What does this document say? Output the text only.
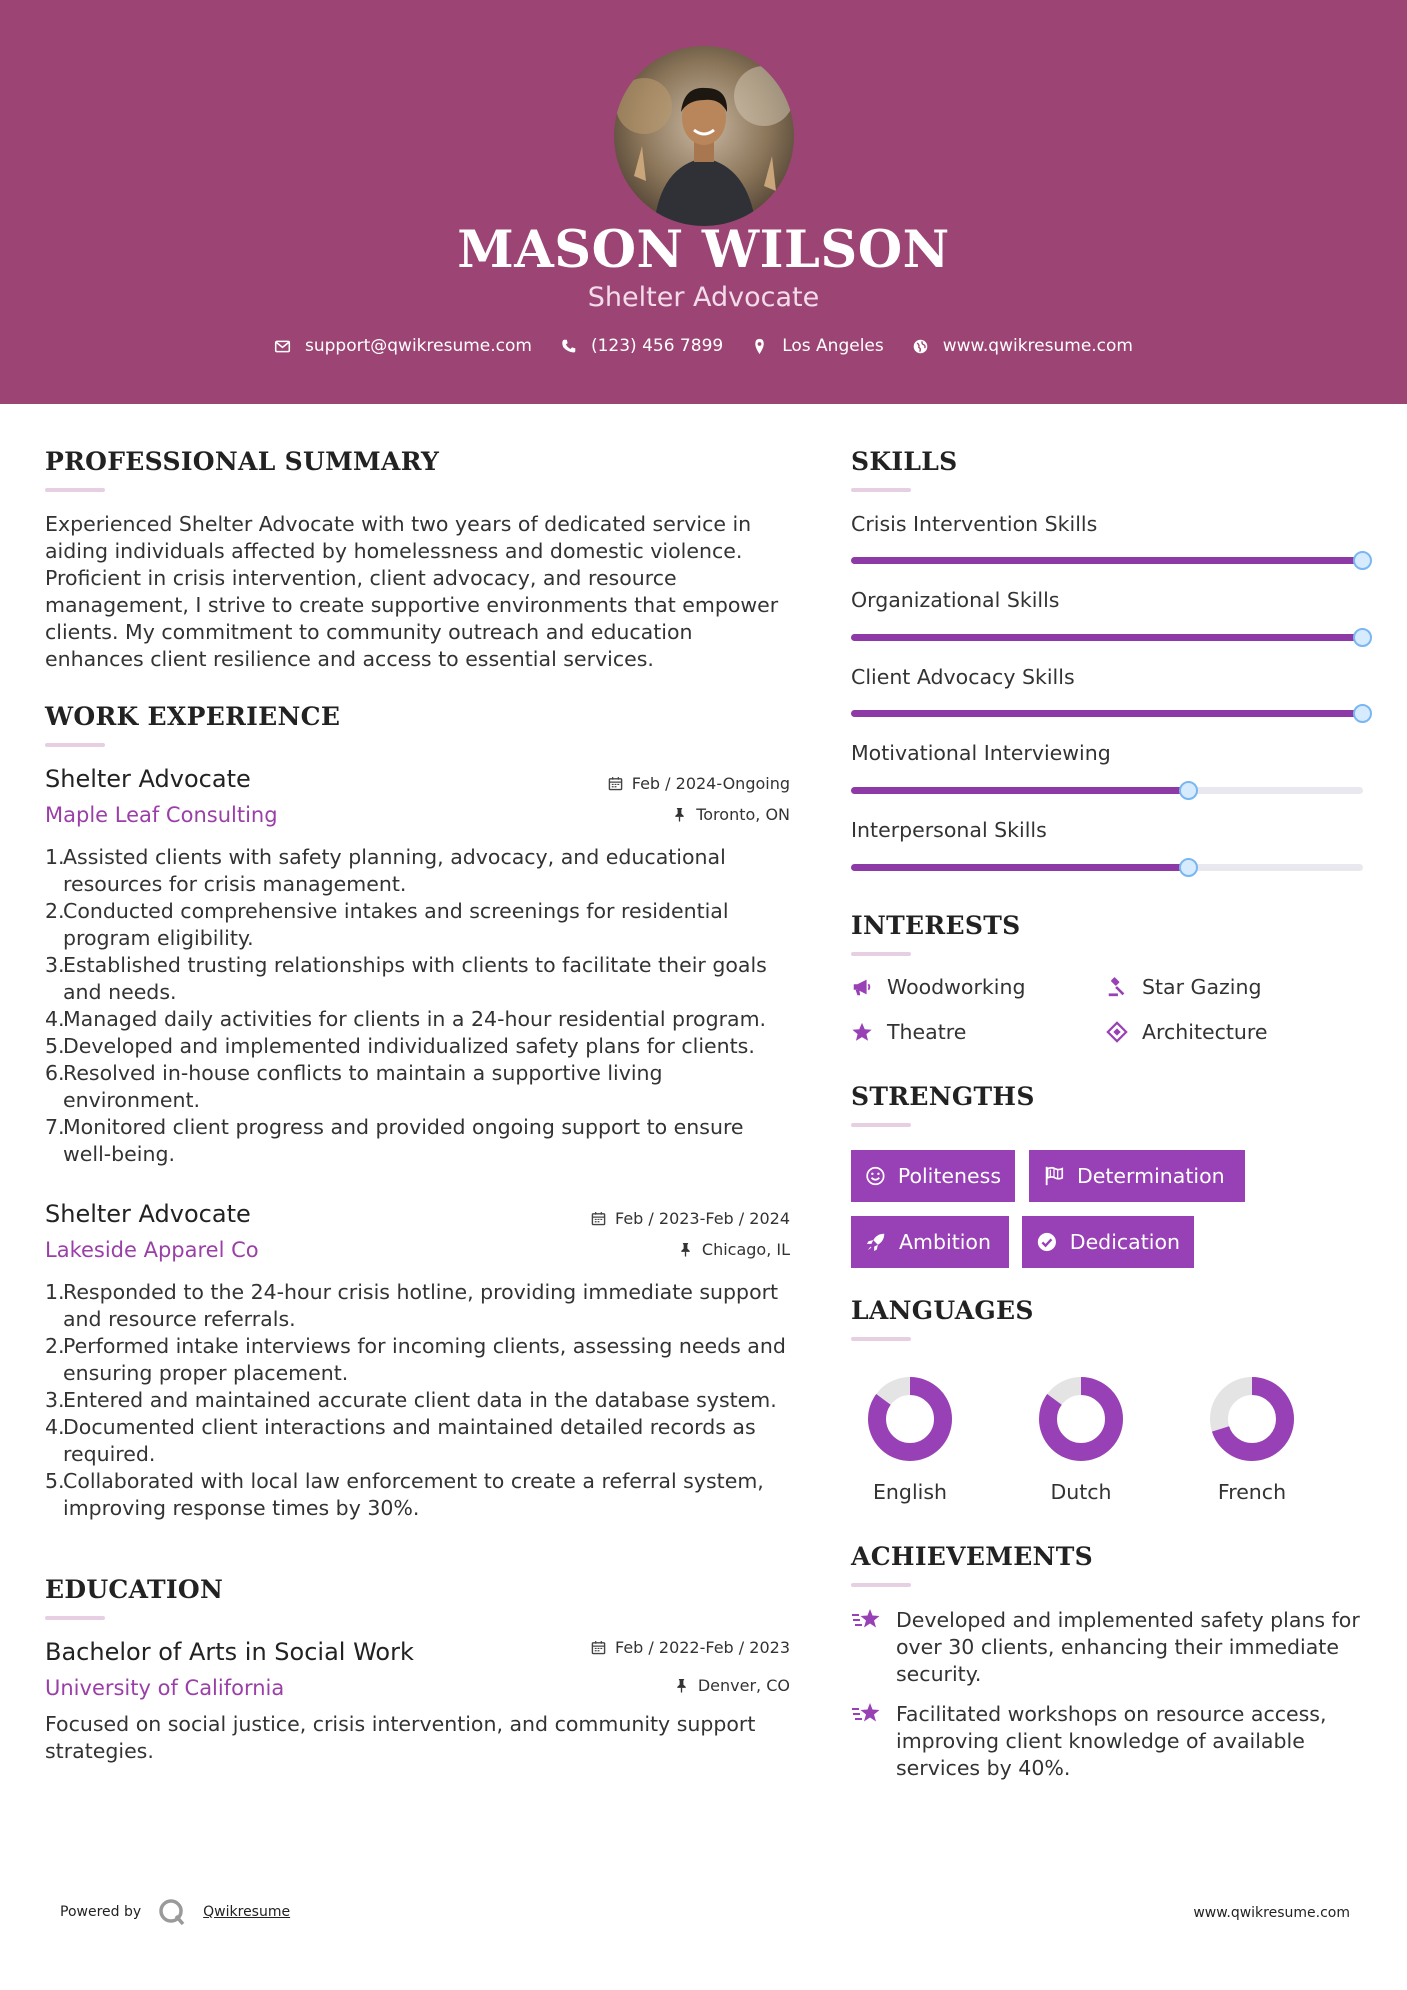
MASON WILSON
Shelter Advocate
support@qwikresume.com	(123) 456 7899	Los Angeles	www.qwikresume.com
PROFESSIONAL SUMMARY
Experienced Shelter Advocate with two years of dedicated service in aiding individuals affected by homelessness and domestic violence. Proficient in crisis intervention, client advocacy, and resource management, I strive to create supportive environments that empower clients. My commitment to community outreach and education enhances client resilience and access to essential services.
WORK EXPERIENCE
Shelter Advocate
Maple Leaf Consulting
Feb / 2024-Ongoing
Toronto, ON
1.
Assisted clients with safety planning, advocacy, and educational resources for crisis management.
2.
Conducted comprehensive intakes and screenings for residential program eligibility.
3.
Established trusting relationships with clients to facilitate their goals and needs.
4.
Managed daily activities for clients in a 24-hour residential program.
5.
Developed and implemented individualized safety plans for clients.
6.
Resolved in-house conflicts to maintain a supportive living environment.
7.
Monitored client progress and provided ongoing support to ensure well-being.
Shelter Advocate
Lakeside Apparel Co
Feb / 2023-Feb / 2024
Chicago, IL
1.
Responded to the 24-hour crisis hotline, providing immediate support and resource referrals.
2.
Performed intake interviews for incoming clients, assessing needs and ensuring proper placement.
3.
Entered and maintained accurate client data in the database system.
4.
Documented client interactions and maintained detailed records as required.
5.
Collaborated with local law enforcement to create a referral system, improving response times by 30%.
EDUCATION
Bachelor of Arts in Social Work
University of California
Feb / 2022-Feb / 2023
Denver, CO
Focused on social justice, crisis intervention, and community support strategies.
SKILLS
Crisis Intervention Skills
Organizational Skills
Client Advocacy Skills
Motivational Interviewing
Interpersonal Skills
INTERESTS
Woodworking	Star Gazing
Theatre	Architecture
STRENGTHS
Politeness	Determination
Ambition	Dedication
LANGUAGES
English	Dutch	French
ACHIEVEMENTS
Developed and implemented safety plans for over 30 clients, enhancing their immediate security.
Facilitated workshops on resource access, improving client knowledge of available services by 40%.
Powered by	Qwikresume	www.qwikresume.com
